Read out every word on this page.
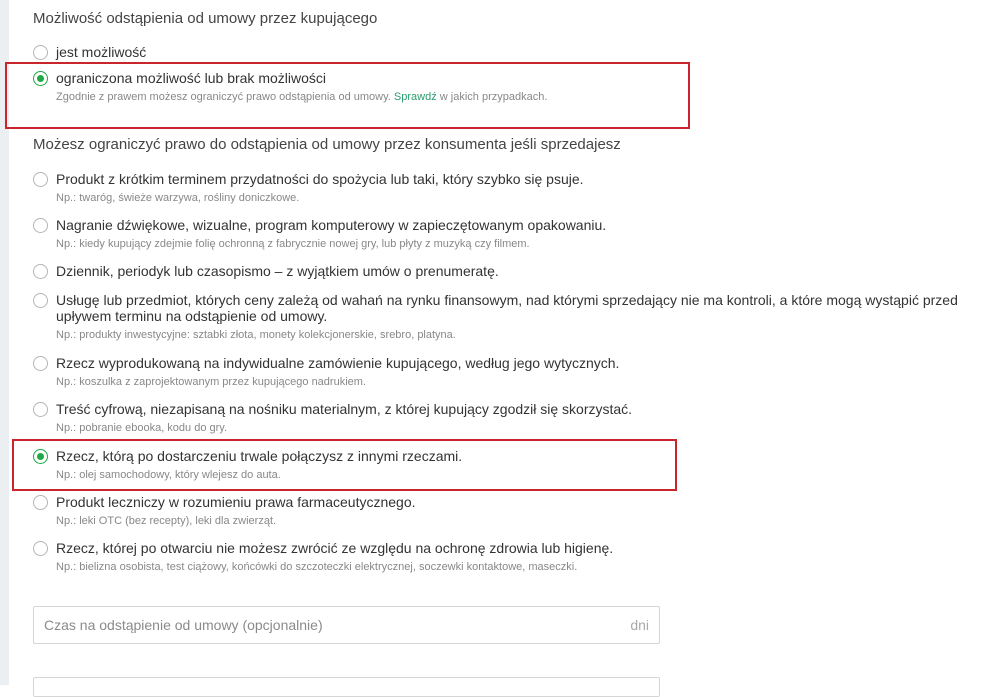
Możliwość odstąpienia od umowy przez kupującego
jest możliwość
ograniczona możliwość lub brak możliwości
Zgodnie z prawem możesz ograniczyć prawo odstąpienia od umowy. Sprawdź w jakich przypadkach.
Możesz ograniczyć prawo do odstąpienia od umowy przez konsumenta jeśli sprzedajesz
Produkt z krótkim terminem przydatności do spożycia lub taki, który szybko się psuje.
Np.: twaróg, świeże warzywa, rośliny doniczkowe.
Nagranie dźwiękowe, wizualne, program komputerowy w zapieczętowanym opakowaniu.
Np.: kiedy kupujący zdejmie folię ochronną z fabrycznie nowej gry, lub płyty z muzyką czy filmem.
Dziennik, periodyk lub czasopismo – z wyjątkiem umów o prenumeratę.
Usługę lub przedmiot, których ceny zależą od wahań na rynku finansowym, nad którymi sprzedający nie ma kontroli, a które mogą wystąpić przed upływem terminu na odstąpienie od umowy.
Np.: produkty inwestycyjne: sztabki złota, monety kolekcjonerskie, srebro, platyna.
Rzecz wyprodukowaną na indywidualne zamówienie kupującego, według jego wytycznych.
Np.: koszulka z zaprojektowanym przez kupującego nadrukiem.
Treść cyfrową, niezapisaną na nośniku materialnym, z której kupujący zgodził się skorzystać.
Np.: pobranie ebooka, kodu do gry.
Rzecz, którą po dostarczeniu trwale połączysz z innymi rzeczami.
Np.: olej samochodowy, który wlejesz do auta.
Produkt leczniczy w rozumieniu prawa farmaceutycznego.
Np.: leki OTC (bez recepty), leki dla zwierząt.
Rzecz, której po otwarciu nie możesz zwrócić ze względu na ochronę zdrowia lub higienę.
Np.: bielizna osobista, test ciążowy, końcówki do szczoteczki elektrycznej, soczewki kontaktowe, maseczki.
Czas na odstąpienie od umowy (opcjonalnie)
dni
